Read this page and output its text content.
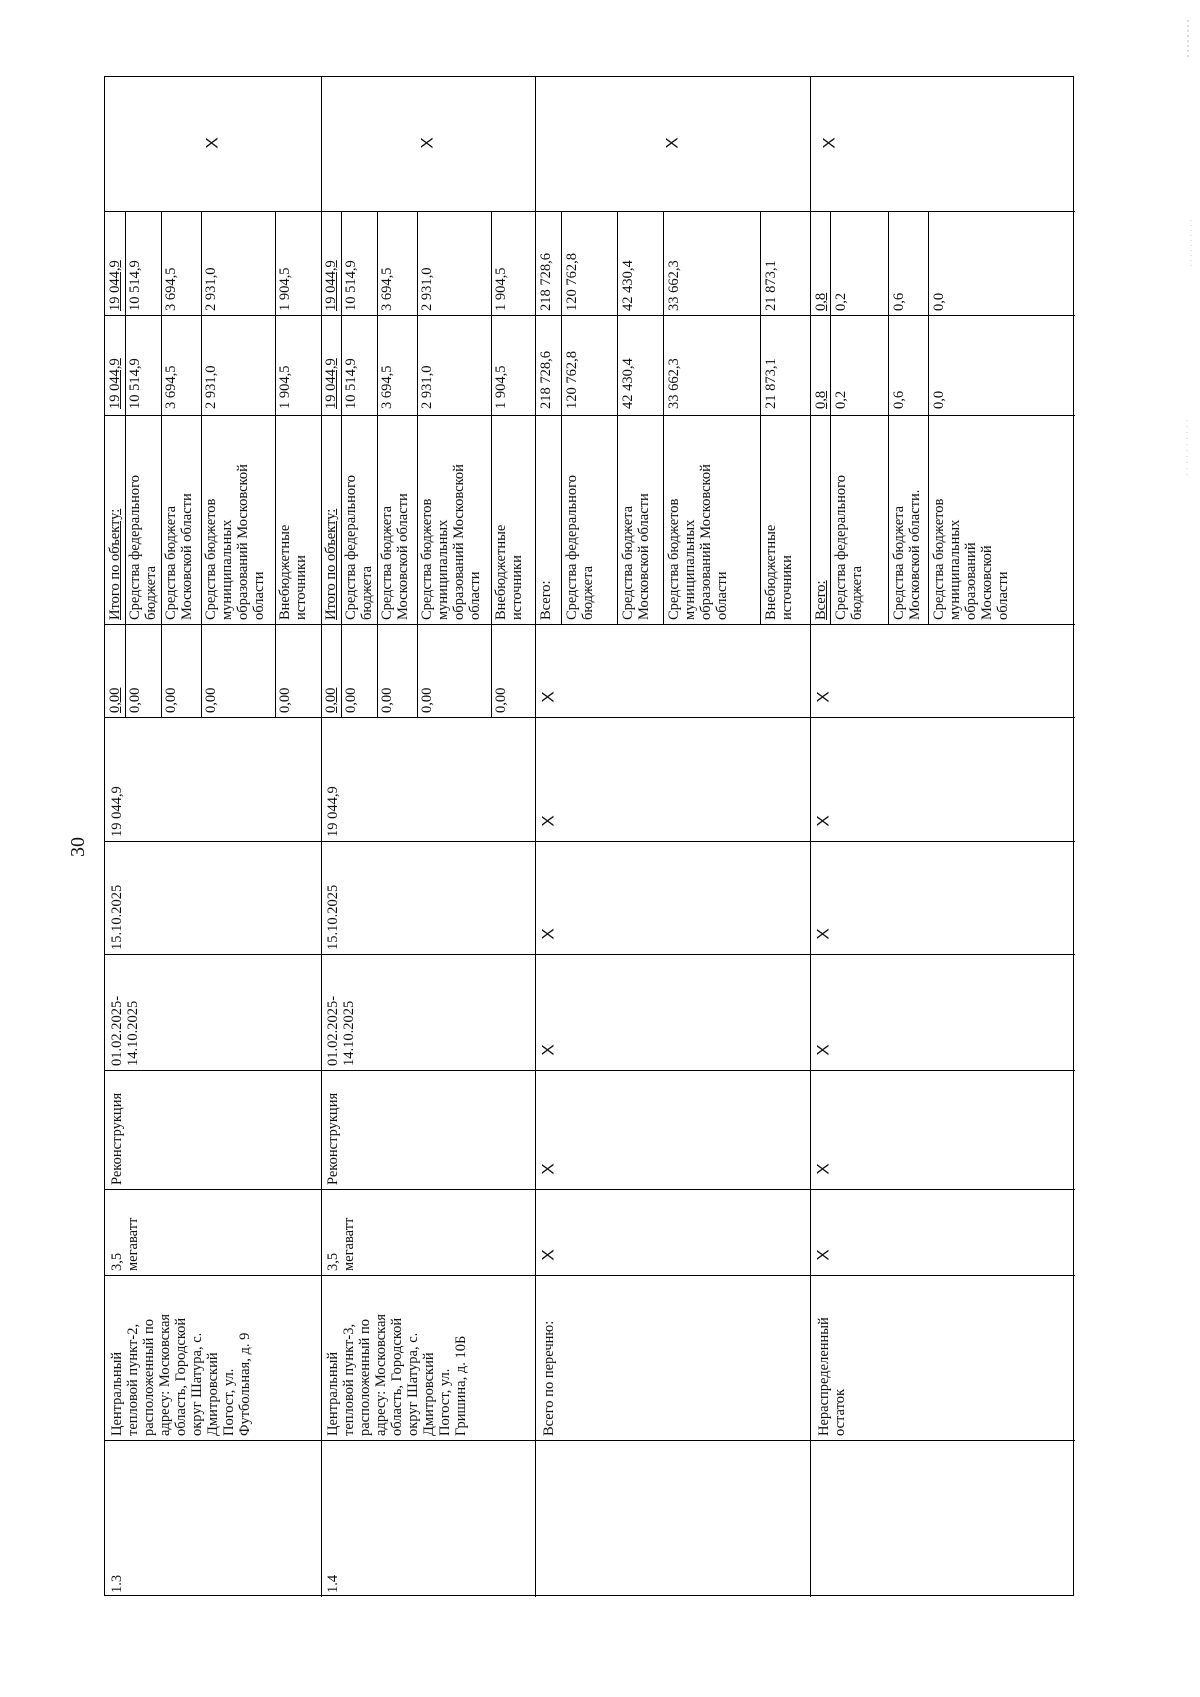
30
1.3
Центральный
тепловой пункт-2,
расположенный по
адресу: Московская
область, Городской
округ Шатура, с.
Дмитровский
Погост, ул.
Футбольная, д. 9
3,5
мегаватт
Реконструкция
01.02.2025-
14.10.2025
15.10.2025
19 044,9
0,00
Итого по объекту:
19 044,9
19 044,9
0,00
Средства федерального
бюджета
10 514,9
10 514,9
0,00
Средства бюджета
Московской области
3 694,5
3 694,5
0,00
Средства бюджетов
муниципальных
образований Московской
области
2 931,0
2 931,0
0,00
Внебюджетные
источники
1 904,5
1 904,5
Х
1.4
Центральный
тепловой пункт-3,
расположенный по
адресу: Московская
область, Городской
округ Шатура, с.
Дмитровский
Погост, ул.
Гришина, д. 10Б
3,5
мегаватт
Реконструкция
01.02.2025-
14.10.2025
15.10.2025
19 044,9
0,00
Итого по объекту:
19 044,9
19 044,9
0,00
Средства федерального
бюджета
10 514,9
10 514,9
0,00
Средства бюджета
Московской области
3 694,5
3 694,5
0,00
Средства бюджетов
муниципальных
образований Московской
области
2 931,0
2 931,0
0,00
Внебюджетные
источники
1 904,5
1 904,5
Х
Всего по перечню:
Х
Х
Х
Х
Х
Х
Всего:
218 728,6
218 728,6
Средства федерального
бюджета
120 762,8
120 762,8
Средства бюджета
Московской области
42 430,4
42 430,4
Средства бюджетов
муниципальных
образований Московской
области
33 662,3
33 662,3
Внебюджетные
источники
21 873,1
21 873,1
Х
Нераспределенный
остаток
Х
Х
Х
Х
Х
Х
Всего:
0,8
0,8
Средства федерального
бюджета
0,2
0,2
Средства бюджета
Московской области.
0,6
0,6
Средства бюджетов
муниципальных
образований Московской
области
0,0
0,0
Х
